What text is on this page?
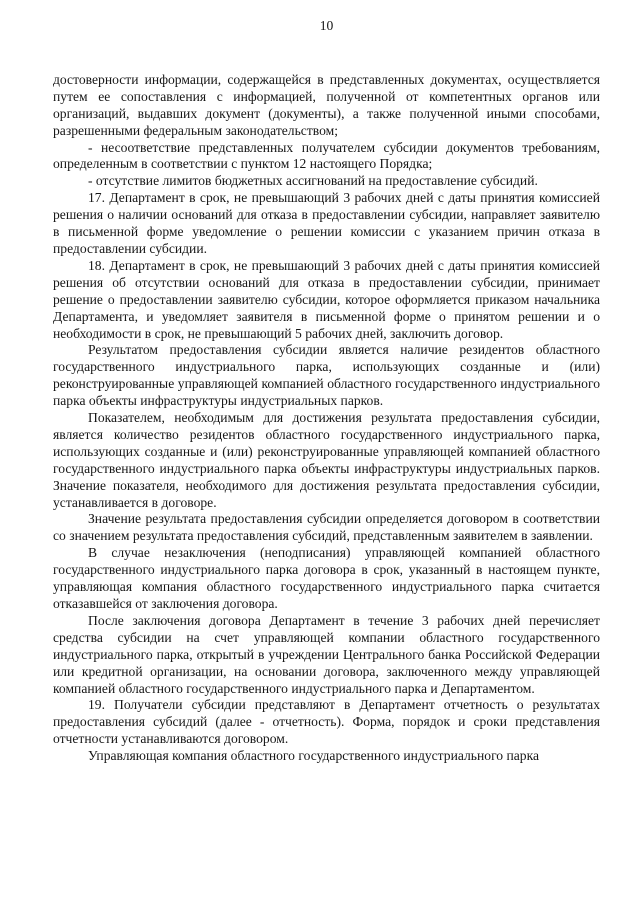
10

достоверности информации, содержащейся в представленных документах, осуществляется путем ее сопоставления с информацией, полученной от компетентных органов или организаций, выдавших документ (документы), а также полученной иными способами, разрешенными федеральным законодательством;

- несоответствие представленных получателем субсидии документов требованиям, определенным в соответствии с пунктом 12 настоящего Порядка;

- отсутствие лимитов бюджетных ассигнований на предоставление субсидий.

17. Департамент в срок, не превышающий 3 рабочих дней с даты принятия комиссией решения о наличии оснований для отказа в предоставлении субсидии, направляет заявителю в письменной форме уведомление о решении комиссии с указанием причин отказа в предоставлении субсидии.

18. Департамент в срок, не превышающий 3 рабочих дней с даты принятия комиссией решения об отсутствии оснований для отказа в предоставлении субсидии, принимает решение о предоставлении заявителю субсидии, которое оформляется приказом начальника Департамента, и уведомляет заявителя в письменной форме о принятом решении и о необходимости в срок, не превышающий 5 рабочих дней, заключить договор.

Результатом предоставления субсидии является наличие резидентов областного государственного индустриального парка, использующих созданные и (или) реконструированные управляющей компанией областного государственного индустриального парка объекты инфраструктуры индустриальных парков.

Показателем, необходимым для достижения результата предоставления субсидии, является количество резидентов областного государственного индустриального парка, использующих созданные и (или) реконструированные управляющей компанией областного государственного индустриального парка объекты инфраструктуры индустриальных парков. Значение показателя, необходимого для достижения результата предоставления субсидии, устанавливается в договоре.

Значение результата предоставления субсидии определяется договором в соответствии со значением результата предоставления субсидий, представленным заявителем в заявлении.

В случае незаключения (неподписания) управляющей компанией областного государственного индустриального парка договора в срок, указанный в настоящем пункте, управляющая компания областного государственного индустриального парка считается отказавшейся от заключения договора.

После заключения договора Департамент в течение 3 рабочих дней перечисляет средства субсидии на счет управляющей компании областного государственного индустриального парка, открытый в учреждении Центрального банка Российской Федерации или кредитной организации, на основании договора, заключенного между управляющей компанией областного государственного индустриального парка и Департаментом.

19. Получатели субсидии представляют в Департамент отчетность о результатах предоставления субсидий (далее - отчетность). Форма, порядок и сроки представления отчетности устанавливаются договором.

Управляющая компания областного государственного индустриального парка
